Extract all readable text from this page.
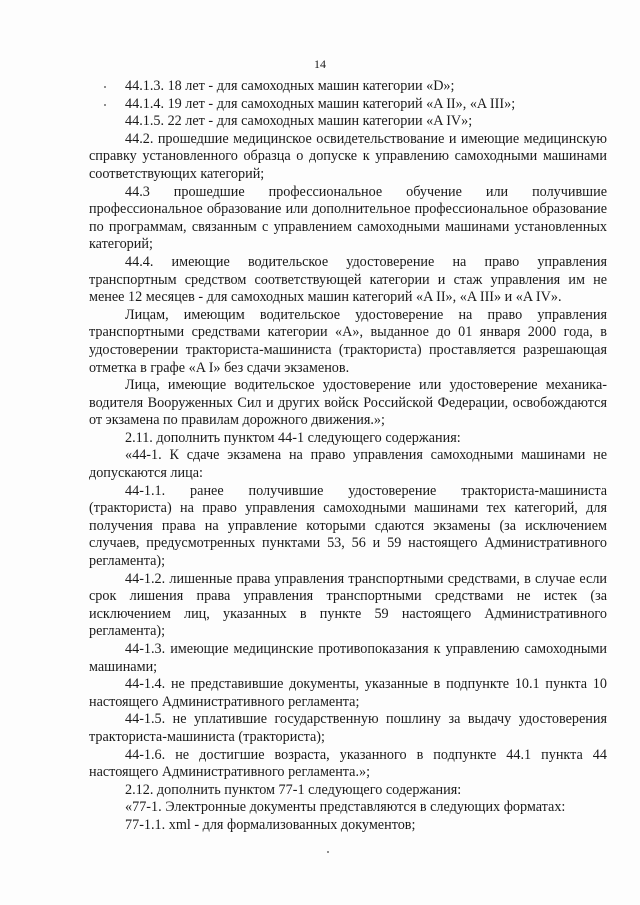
14

44.1.3. 18 лет - для самоходных машин категории «D»;

44.1.4. 19 лет - для самоходных машин категорий «A II», «A III»;

44.1.5. 22 лет - для самоходных машин категории «A IV»;

44.2. прошедшие медицинское освидетельствование и имеющие медицинскую справку установленного образца о допуске к управлению самоходными машинами соответствующих категорий;

44.3 прошедшие профессиональное обучение или получившие профессиональное образование или дополнительное профессиональное образование по программам, связанным с управлением самоходными машинами установленных категорий;

44.4. имеющие водительское удостоверение на право управления транспортным средством соответствующей категории и стаж управления им не менее 12 месяцев - для самоходных машин категорий «A II», «A III» и «A IV».

Лицам, имеющим водительское удостоверение на право управления транспортными средствами категории «A», выданное до 01 января 2000 года, в удостоверении тракториста-машиниста (тракториста) проставляется разрешающая отметка в графе «A I» без сдачи экзаменов.

Лица, имеющие водительское удостоверение или удостоверение механика-водителя Вооруженных Сил и других войск Российской Федерации, освобождаются от экзамена по правилам дорожного движения.»;

2.11. дополнить пунктом 44-1 следующего содержания:

«44-1. К сдаче экзамена на право управления самоходными машинами не допускаются лица:

44-1.1. ранее получившие удостоверение тракториста-машиниста (тракториста) на право управления самоходными машинами тех категорий, для получения права на управление которыми сдаются экзамены (за исключением случаев, предусмотренных пунктами 53, 56 и 59 настоящего Административного регламента);

44-1.2. лишенные права управления транспортными средствами, в случае если срок лишения права управления транспортными средствами не истек (за исключением лиц, указанных в пункте 59 настоящего Административного регламента);

44-1.3. имеющие медицинские противопоказания к управлению самоходными машинами;

44-1.4. не представившие документы, указанные в подпункте 10.1 пункта 10 настоящего Административного регламента;

44-1.5. не уплатившие государственную пошлину за выдачу удостоверения тракториста-машиниста (тракториста);

44-1.6. не достигшие возраста, указанного в подпункте 44.1 пункта 44 настоящего Административного регламента.»;

2.12. дополнить пунктом 77-1 следующего содержания:

«77-1. Электронные документы представляются в следующих форматах:

77-1.1. xml - для формализованных документов;
